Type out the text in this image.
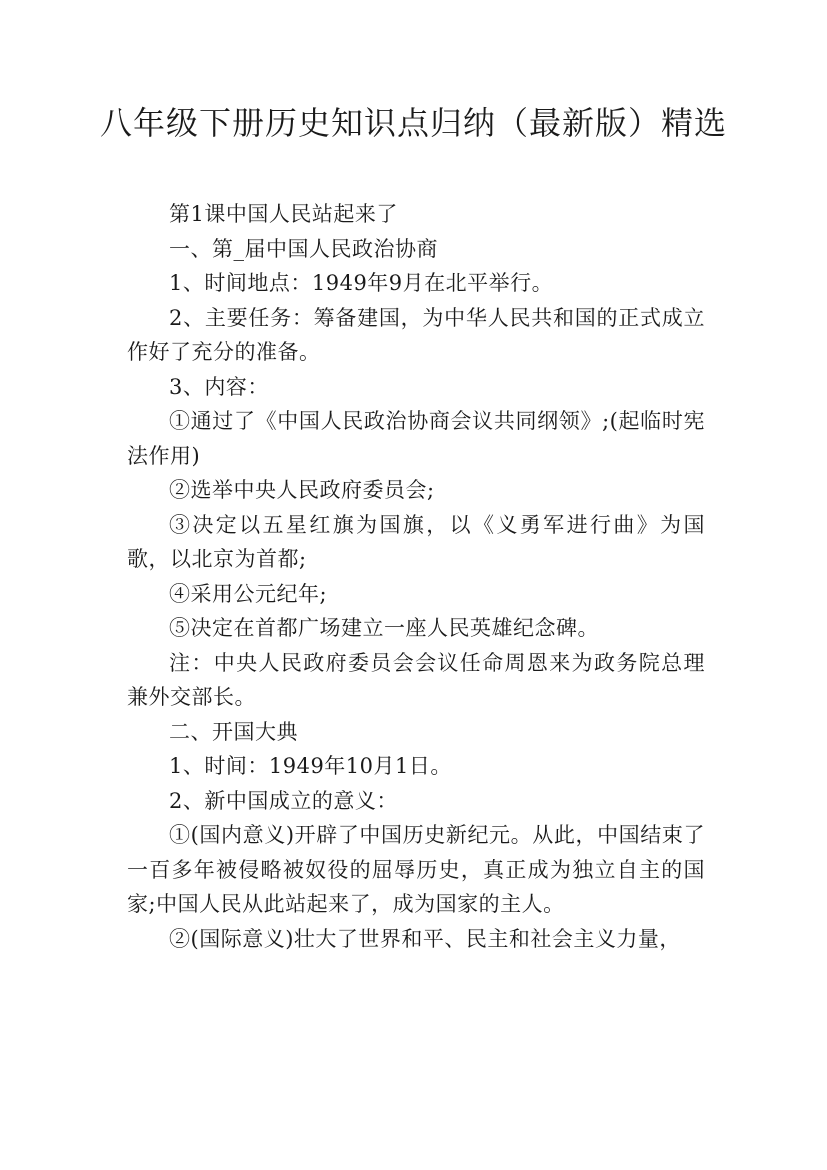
八年级下册历史知识点归纳（最新版）精选

第1课中国人民站起来了

一、第_届中国人民政治协商

1、时间地点：1949年9月在北平举行。

2、主要任务：筹备建国，为中华人民共和国的正式成立作好了充分的准备。

3、内容：

①通过了《中国人民政治协商会议共同纲领》;(起临时宪法作用)

②选举中央人民政府委员会;

③决定以五星红旗为国旗，以《义勇军进行曲》为国歌，以北京为首都;

④采用公元纪年;

⑤决定在首都广场建立一座人民英雄纪念碑。

注：中央人民政府委员会会议任命周恩来为政务院总理兼外交部长。

二、开国大典

1、时间：1949年10月1日。

2、新中国成立的意义：

①(国内意义)开辟了中国历史新纪元。从此，中国结束了一百多年被侵略被奴役的屈辱历史，真正成为独立自主的国家;中国人民从此站起来了，成为国家的主人。

②(国际意义)壮大了世界和平、民主和社会主义力量，
